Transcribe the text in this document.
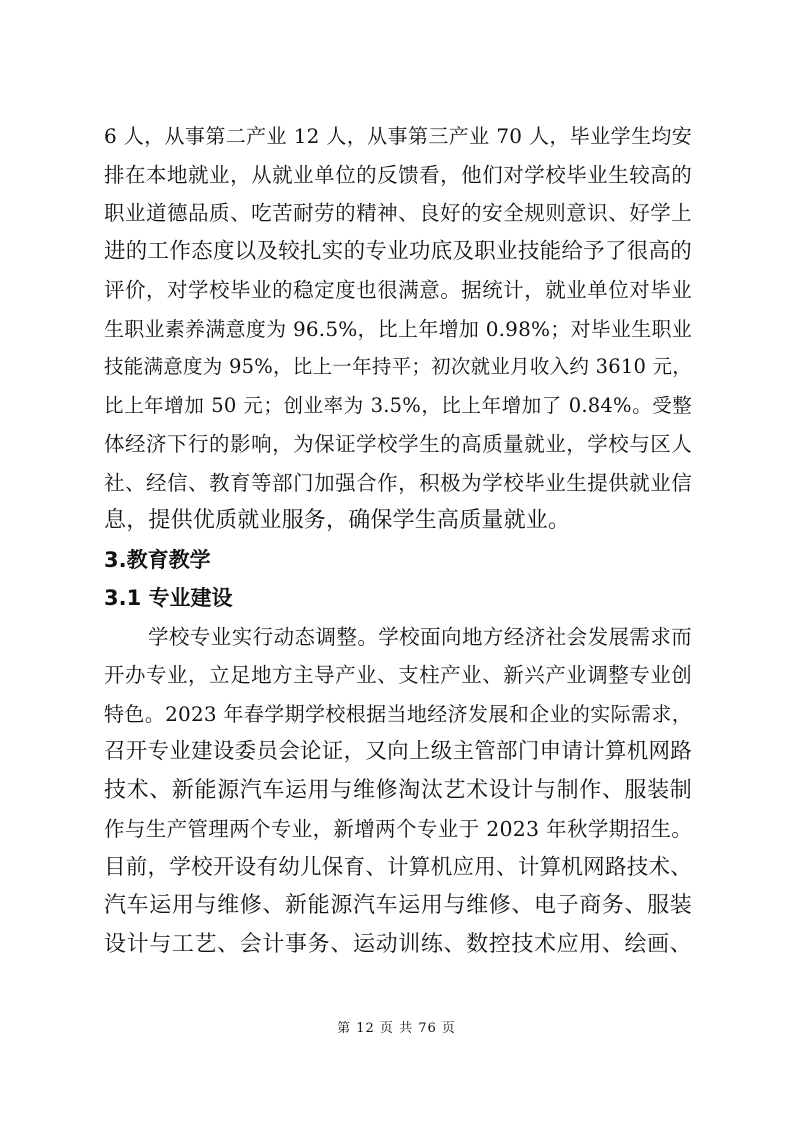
6 人，从事第二产业 12 人，从事第三产业 70 人，毕业学生均安
排在本地就业，从就业单位的反馈看，他们对学校毕业生较高的
职业道德品质、吃苦耐劳的精神、良好的安全规则意识、好学上
进的工作态度以及较扎实的专业功底及职业技能给予了很高的
评价，对学校毕业的稳定度也很满意。据统计，就业单位对毕业
生职业素养满意度为 96.5%，比上年增加 0.98%；对毕业生职业
技能满意度为 95%，比上一年持平；初次就业月收入约 3610 元，
比上年增加 50 元；创业率为 3.5%，比上年增加了 0.84%。受整
体经济下行的影响，为保证学校学生的高质量就业，学校与区人
社、经信、教育等部门加强合作，积极为学校毕业生提供就业信
息，提供优质就业服务，确保学生高质量就业。
3.教育教学
3.1 专业建设
学校专业实行动态调整。学校面向地方经济社会发展需求而
开办专业，立足地方主导产业、支柱产业、新兴产业调整专业创
特色。2023 年春学期学校根据当地经济发展和企业的实际需求，
召开专业建设委员会论证，又向上级主管部门申请计算机网路
技术、新能源汽车运用与维修淘汰艺术设计与制作、服装制
作与生产管理两个专业，新增两个专业于 2023 年秋学期招生。
目前，学校开设有幼儿保育、计算机应用、计算机网路技术、
汽车运用与维修、新能源汽车运用与维修、电子商务、服装
设计与工艺、会计事务、运动训练、数控技术应用、绘画、
第 12 页 共 76 页
